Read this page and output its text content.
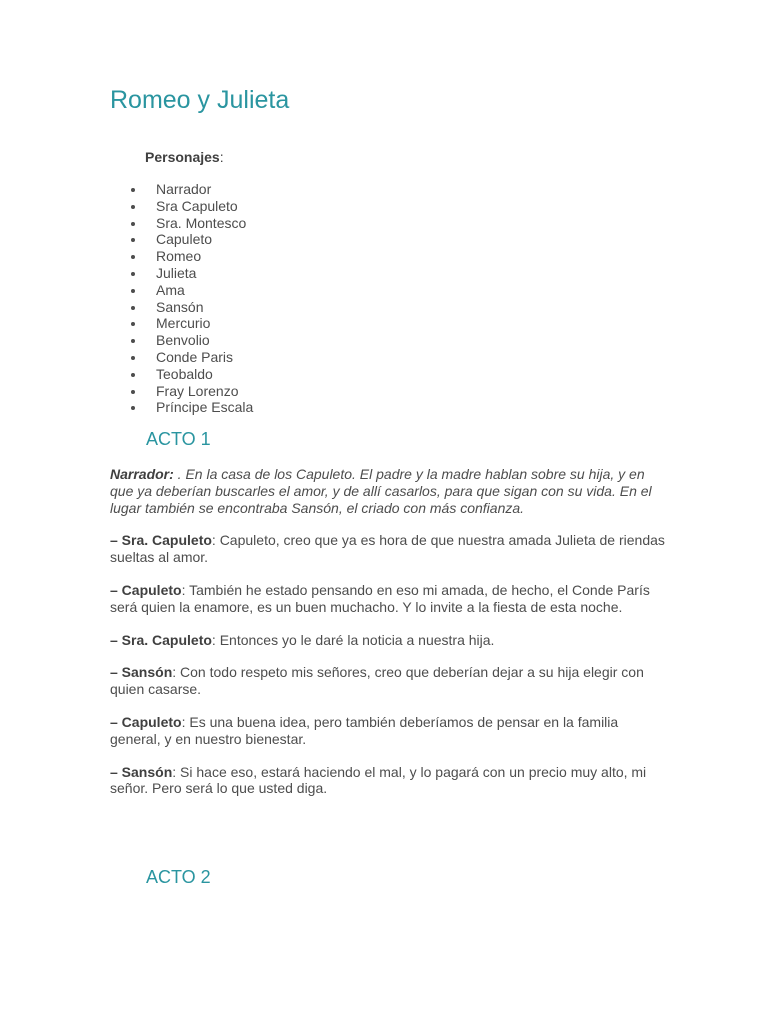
Romeo y Julieta
Personajes:
Narrador
Sra Capuleto
Sra. Montesco
Capuleto
Romeo
Julieta
Ama
Sansón
Mercurio
Benvolio
Conde Paris
Teobaldo
Fray Lorenzo
Príncipe Escala
ACTO 1

Narrador: . En la casa de los Capuleto. El padre y la madre hablan sobre su hija, y en que ya deberían buscarles el amor, y de allí casarlos, para que sigan con su vida. En el lugar también se encontraba Sansón, el criado con más confianza.

– Sra. Capuleto: Capuleto, creo que ya es hora de que nuestra amada Julieta de riendas sueltas al amor.

– Capuleto: También he estado pensando en eso mi amada, de hecho, el Conde París será quien la enamore, es un buen muchacho. Y lo invite a la fiesta de esta noche.

– Sra. Capuleto: Entonces yo le daré la noticia a nuestra hija.

– Sansón: Con todo respeto mis señores, creo que deberían dejar a su hija elegir con quien casarse.

– Capuleto: Es una buena idea, pero también deberíamos de pensar en la familia general, y en nuestro bienestar.

– Sansón: Si hace eso, estará haciendo el mal, y lo pagará con un precio muy alto, mi señor. Pero será lo que usted diga.

ACTO 2
